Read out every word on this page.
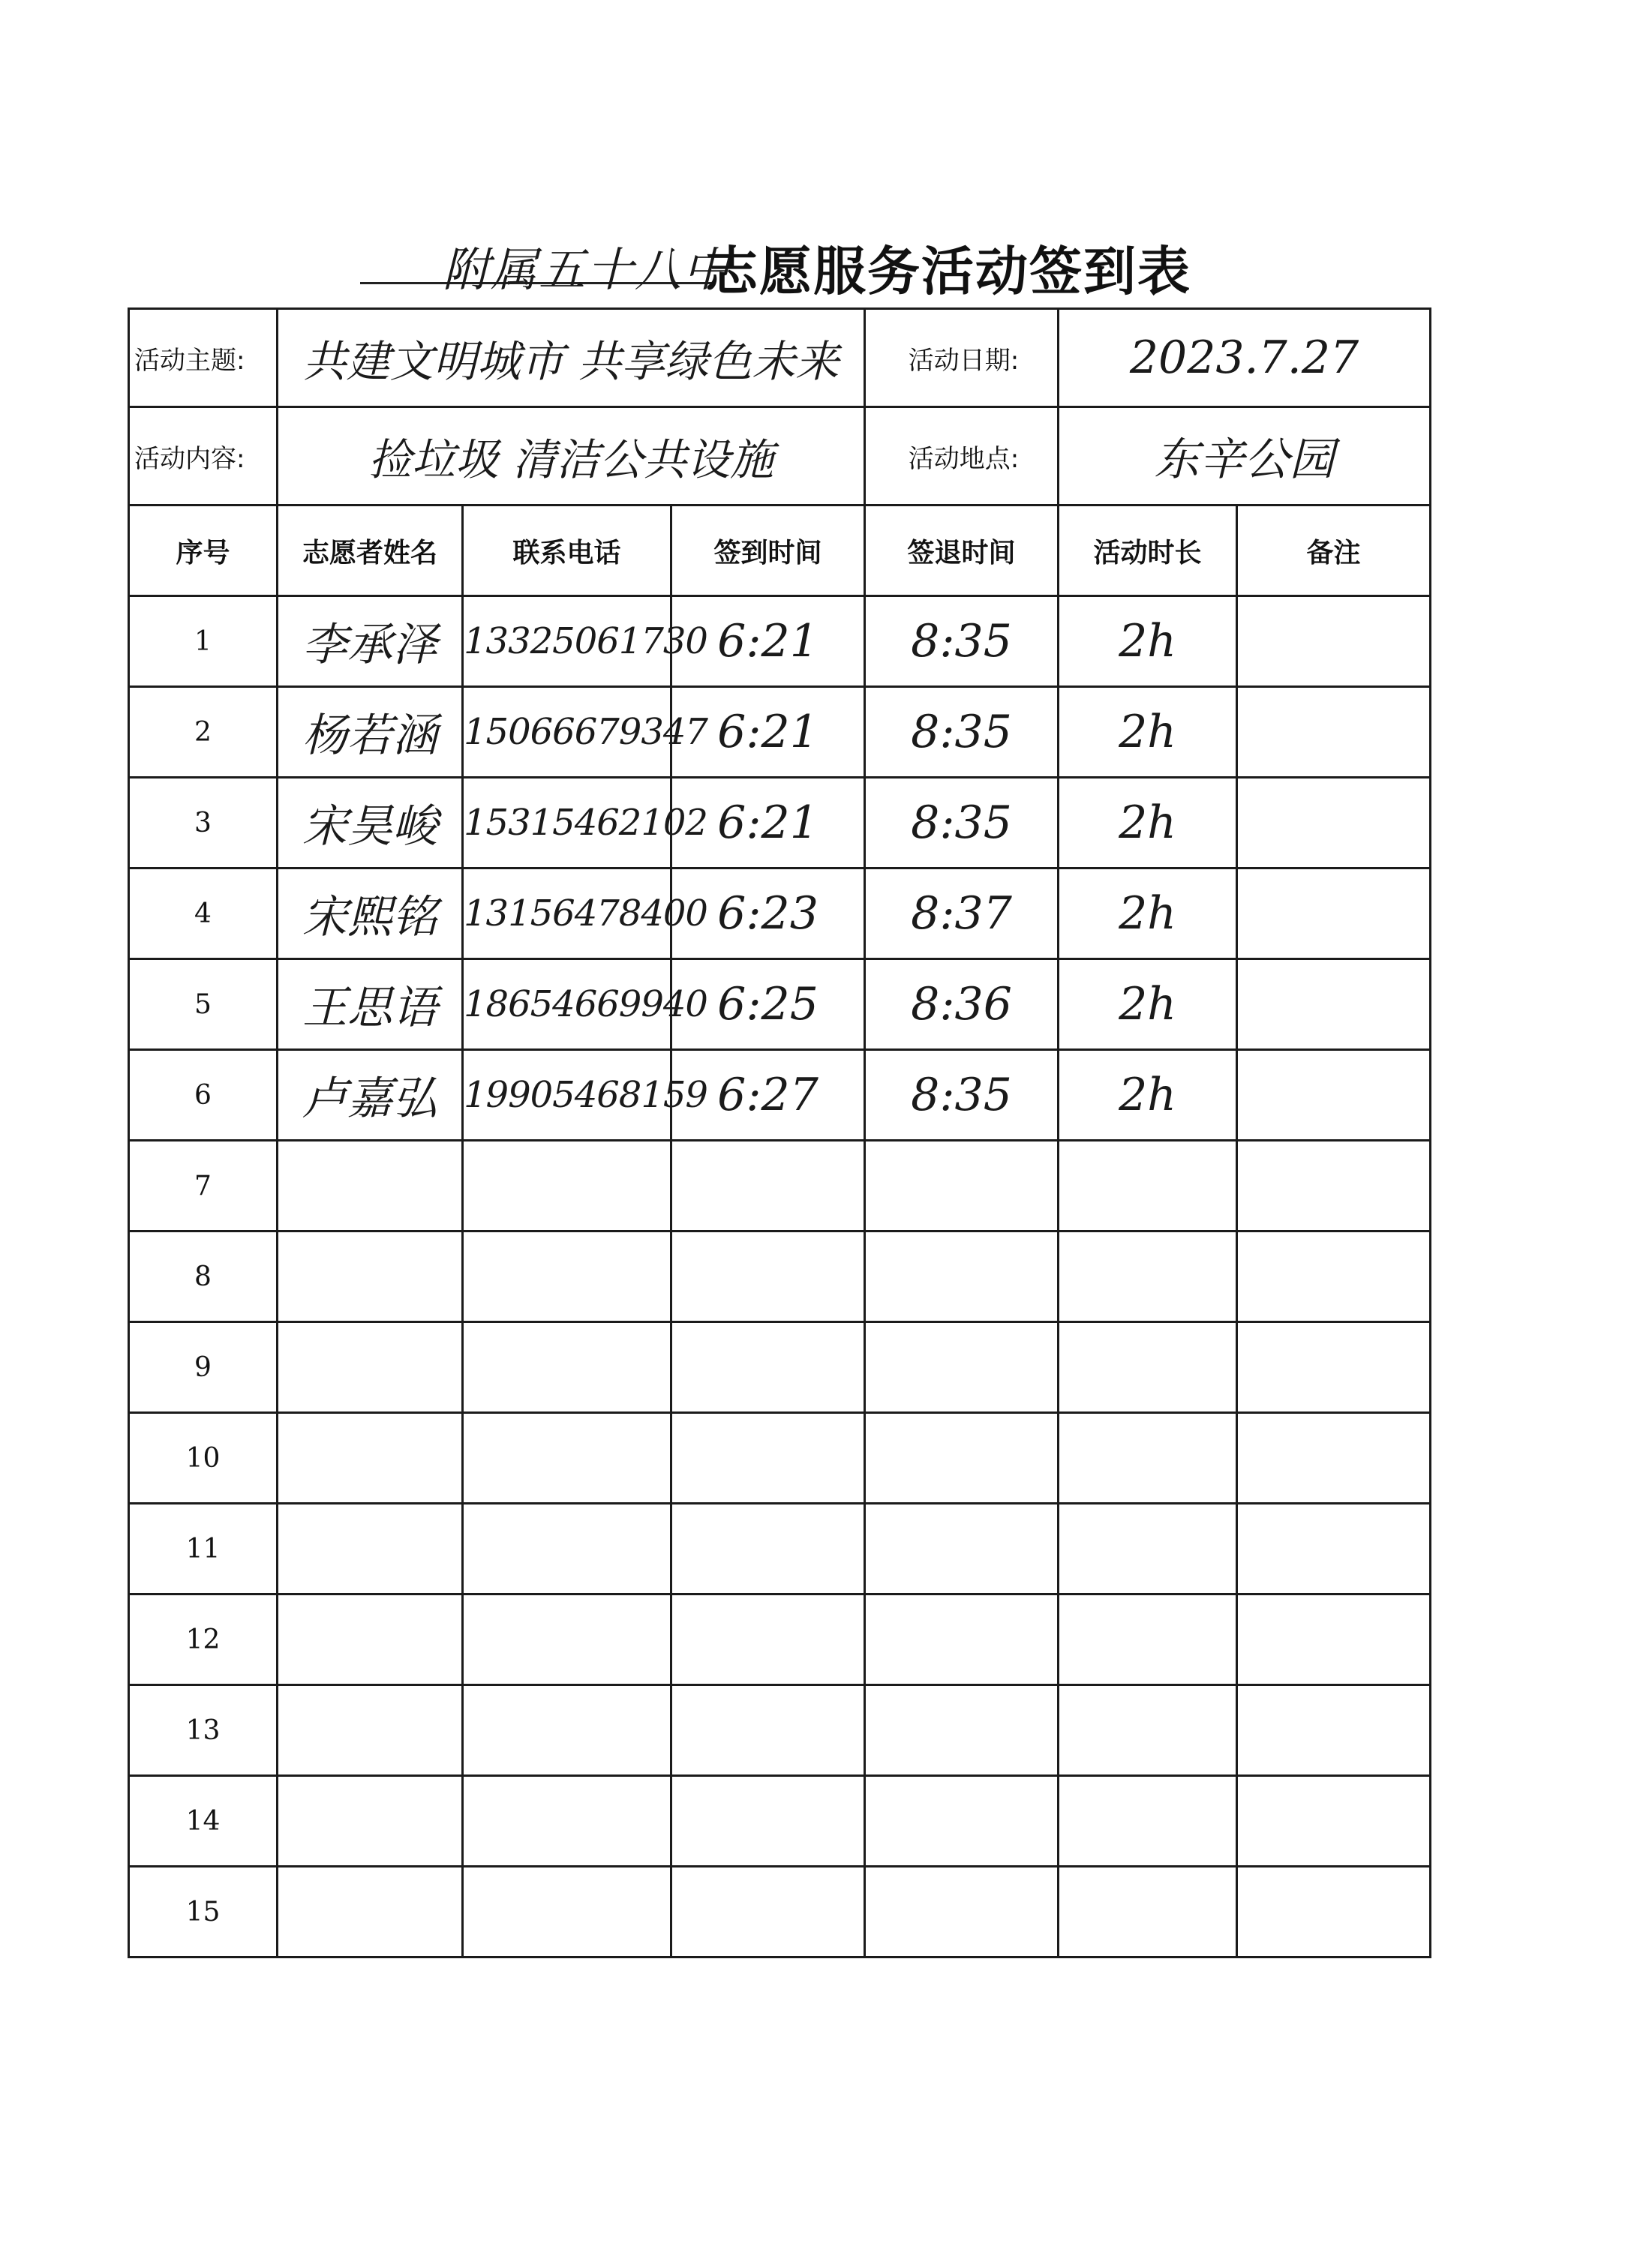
附属五十八中
志愿服务活动签到表
活动主题:	共建文明城市 共享绿色未来			活动日期:	2023.7.27	
活动内容:	捡垃圾 清洁公共设施			活动地点:	东辛公园	
序号	志愿者姓名	联系电话	签到时间	签退时间	活动时长	备注
1	李承泽	13325061730	6:21	8:35	2h	
2	杨若涵	15066679347	6:21	8:35	2h	
3	宋昊峻	15315462102	6:21	8:35	2h	
4	宋熙铭	13156478400	6:23	8:37	2h	
5	王思语	18654669940	6:25	8:36	2h	
6	卢嘉弘	19905468159	6:27	8:35	2h	
7						
8						
9						
10						
11						
12						
13						
14						
15						
